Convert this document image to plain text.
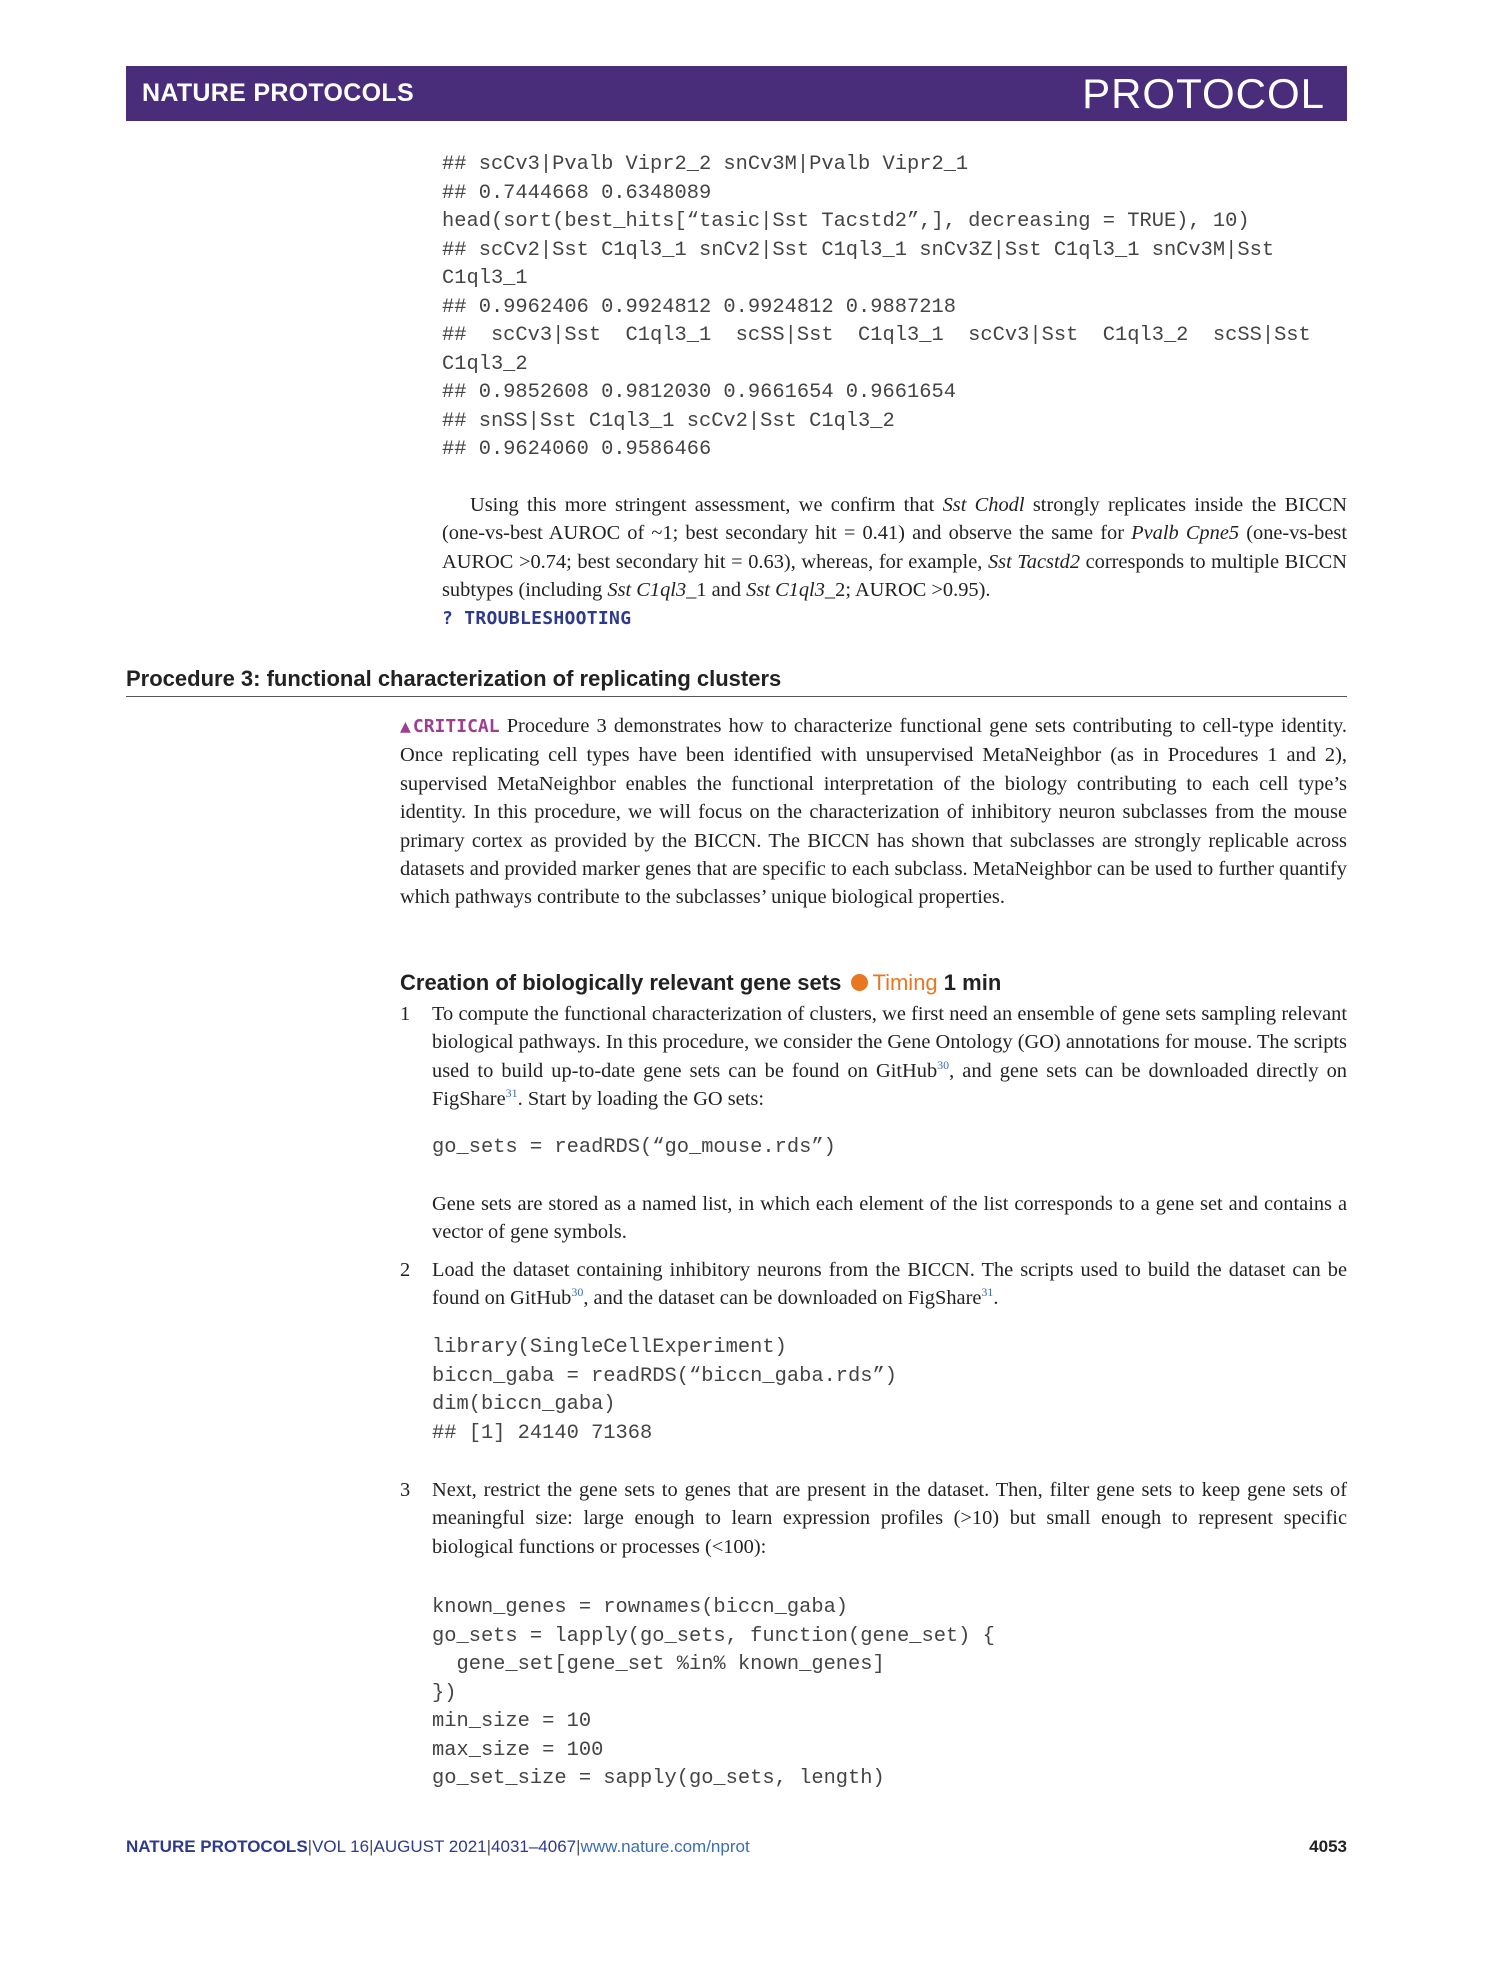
NATURE PROTOCOLS	PROTOCOL
## scCv3|Pvalb Vipr2_2 snCv3M|Pvalb Vipr2_1
## 0.7444668 0.6348089
head(sort(best_hits[“tasic|Sst Tacstd2”,], decreasing = TRUE), 10)
## scCv2|Sst C1ql3_1 snCv2|Sst C1ql3_1 snCv3Z|Sst C1ql3_1 snCv3M|Sst
C1ql3_1
## 0.9962406 0.9924812 0.9924812 0.9887218
##  scCv3|Sst  C1ql3_1  scSS|Sst  C1ql3_1  scCv3|Sst  C1ql3_2  scSS|Sst
C1ql3_2
## 0.9852608 0.9812030 0.9661654 0.9661654
## snSS|Sst C1ql3_1 scCv2|Sst C1ql3_2
## 0.9624060 0.9586466
Using this more stringent assessment, we confirm that Sst Chodl strongly replicates inside the BICCN (one-vs-best AUROC of ~1; best secondary hit = 0.41) and observe the same for Pvalb Cpne5 (one-vs-best AUROC >0.74; best secondary hit = 0.63), whereas, for example, Sst Tacstd2 corresponds to multiple BICCN subtypes (including Sst C1ql3_1 and Sst C1ql3_2; AUROC >0.95).
? TROUBLESHOOTING
Procedure 3: functional characterization of replicating clusters
▲CRITICAL Procedure 3 demonstrates how to characterize functional gene sets contributing to cell-type identity. Once replicating cell types have been identified with unsupervised MetaNeighbor (as in Procedures 1 and 2), supervised MetaNeighbor enables the functional interpretation of the biology contributing to each cell type’s identity. In this procedure, we will focus on the characterization of inhibitory neuron subclasses from the mouse primary cortex as provided by the BICCN. The BICCN has shown that subclasses are strongly replicable across datasets and provided marker genes that are specific to each subclass. MetaNeighbor can be used to further quantify which pathways contribute to the subclasses’ unique biological properties.
Creation of biologically relevant gene sets Timing 1 min
1 To compute the functional characterization of clusters, we first need an ensemble of gene sets sampling relevant biological pathways. In this procedure, we consider the Gene Ontology (GO) annotations for mouse. The scripts used to build up-to-date gene sets can be found on GitHub$^{30}$, and gene sets can be downloaded directly on FigShare$^{31}$. Start by loading the GO sets:
go_sets = readRDS(“go_mouse.rds”)
Gene sets are stored as a named list, in which each element of the list corresponds to a gene set and contains a vector of gene symbols.
2 Load the dataset containing inhibitory neurons from the BICCN. The scripts used to build the dataset can be found on GitHub$^{30}$, and the dataset can be downloaded on FigShare$^{31}$.
library(SingleCellExperiment)
biccn_gaba = readRDS(“biccn_gaba.rds”)
dim(biccn_gaba)
## [1] 24140 71368
3 Next, restrict the gene sets to genes that are present in the dataset. Then, filter gene sets to keep gene sets of meaningful size: large enough to learn expression profiles (>10) but small enough to represent specific biological functions or processes (<100):
known_genes = rownames(biccn_gaba)
go_sets = lapply(go_sets, function(gene_set) {
gene_set[gene_set %in% known_genes]
})
min_size = 10
max_size = 100
go_set_size = sapply(go_sets, length)
NATURE PROTOCOLS|VOL 16|AUGUST 2021|4031–4067|www.nature.com/nprot	4053
